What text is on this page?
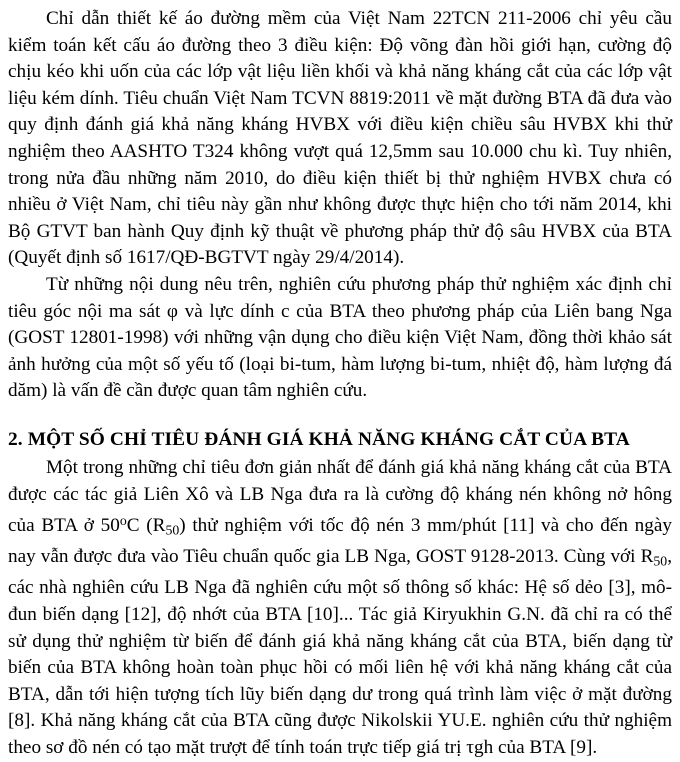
Chỉ dẫn thiết kế áo đường mềm của Việt Nam 22TCN 211-2006 chỉ yêu cầu kiểm toán kết cấu áo đường theo 3 điều kiện: Độ võng đàn hồi giới hạn, cường độ chịu kéo khi uốn của các lớp vật liệu liền khối và khả năng kháng cắt của các lớp vật liệu kém dính. Tiêu chuẩn Việt Nam TCVN 8819:2011 về mặt đường BTA đã đưa vào quy định đánh giá khả năng kháng HVBX với điều kiện chiều sâu HVBX khi thử nghiệm theo AASHTO T324 không vượt quá 12,5mm sau 10.000 chu kì. Tuy nhiên, trong nửa đầu những năm 2010, do điều kiện thiết bị thử nghiệm HVBX chưa có nhiều ở Việt Nam, chỉ tiêu này gần như không được thực hiện cho tới năm 2014, khi Bộ GTVT ban hành Quy định kỹ thuật về phương pháp thử độ sâu HVBX của BTA (Quyết định số 1617/QĐ-BGTVT ngày 29/4/2014).

Từ những nội dung nêu trên, nghiên cứu phương pháp thử nghiệm xác định chỉ tiêu góc nội ma sát φ và lực dính c của BTA theo phương pháp của Liên bang Nga (GOST 12801-1998) với những vận dụng cho điều kiện Việt Nam, đồng thời khảo sát ảnh hưởng của một số yếu tố (loại bi-tum, hàm lượng bi-tum, nhiệt độ, hàm lượng đá dăm) là vấn đề cần được quan tâm nghiên cứu.

2. MỘT SỐ CHỈ TIÊU ĐÁNH GIÁ KHẢ NĂNG KHÁNG CẮT CỦA BTA

Một trong những chỉ tiêu đơn giản nhất để đánh giá khả năng kháng cắt của BTA được các tác giả Liên Xô và LB Nga đưa ra là cường độ kháng nén không nở hông của BTA ở 50$^o$C $(R_{50})$ thử nghiệm với tốc độ nén 3 mm/phút [11] và cho đến ngày nay vẫn được đưa vào Tiêu chuẩn quốc gia LB Nga, GOST 9128-2013. Cùng với $R_{50}$, các nhà nghiên cứu LB Nga đã nghiên cứu một số thông số khác: Hệ số dẻo [3], mô-đun biến dạng [12], độ nhớt của BTA [10]... Tác giả Kiryukhin G.N. đã chỉ ra có thể sử dụng thử nghiệm từ biến để đánh giá khả năng kháng cắt của BTA, biến dạng từ biến của BTA không hoàn toàn phục hồi có mối liên hệ với khả năng kháng cắt của BTA, dẫn tới hiện tượng tích lũy biến dạng dư trong quá trình làm việc ở mặt đường [8]. Khả năng kháng cắt của BTA cũng được Nikolskii YU.E. nghiên cứu thử nghiệm theo sơ đồ nén có tạo mặt trượt để tính toán trực tiếp giá trị τgh của BTA [9].
